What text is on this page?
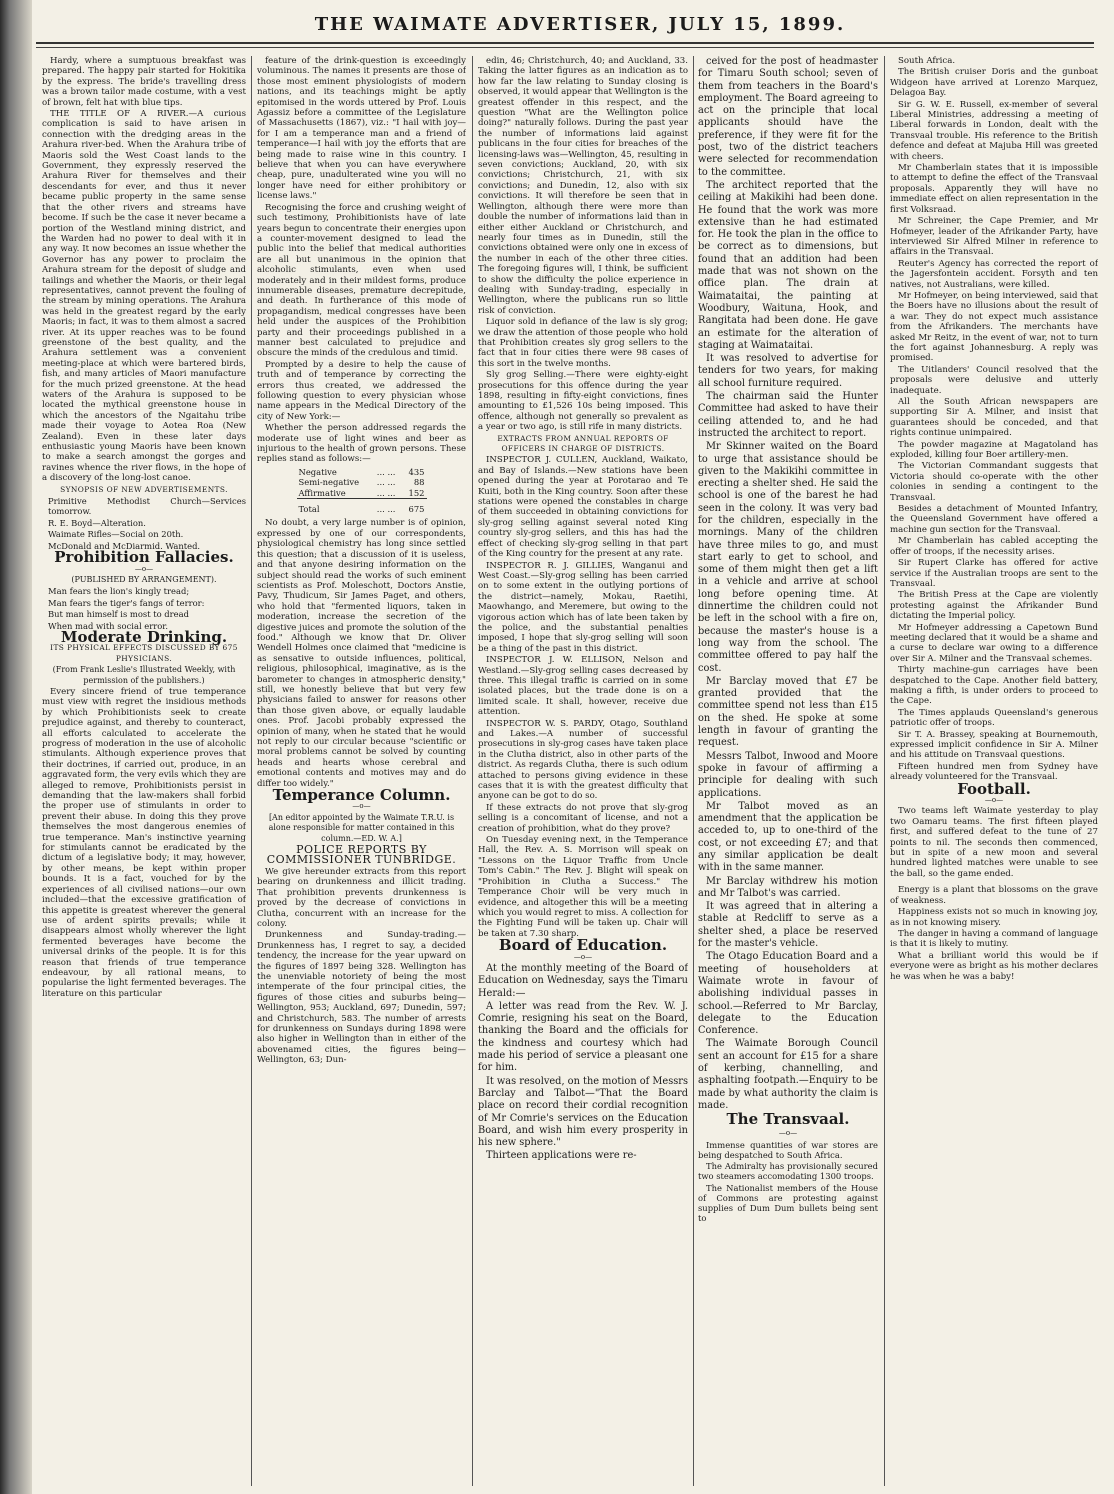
THE WAIMATE ADVERTISER, JULY 15, 1899.

Hardy, where a sumptuous breakfast was prepared. The happy pair started for Hokitika by the express. The bride's travelling dress was a brown tailor made costume, with a vest of brown, felt hat with blue tips.

THE TITLE OF A RIVER.—A curious complication is said to have arisen in connection with the dredging areas in the Arahura river-bed. When the Arahura tribe of Maoris sold the West Coast lands to the Government, they expressly reserved the Arahura River for themselves and their descendants for ever, and thus it never became public property in the same sense that the other rivers and streams have become. If such be the case it never became a portion of the Westland mining district, and the Warden had no power to deal with it in any way. It now becomes an issue whether the Governor has any power to proclaim the Arahura stream for the deposit of sludge and tailings and whether the Maoris, or their legal representatives, cannot prevent the fouling of the stream by mining operations. The Arahura was held in the greatest regard by the early Maoris; in fact, it was to them almost a sacred river. At its upper reaches was to be found greenstone of the best quality, and the Arahura settlement was a convenient meeting-place at which were bartered birds, fish, and many articles of Maori manufacture for the much prized greenstone. At the head waters of the Arahura is supposed to be located the mythical greenstone house in which the ancestors of the Ngaitahu tribe made their voyage to Aotea Roa (New Zealand). Even in these later days enthusiastic young Maoris have been known to make a search amongst the gorges and ravines whence the river flows, in the hope of a discovery of the long-lost canoe.

SYNOPSIS OF NEW ADVERTISEMENTS.

Primitive Methodist Church—Services tomorrow.

R. E. Boyd—Alteration.

Waimate Rifles—Social on 20th.

McDonald and McDiarmid. Wanted.

Prohibition Fallacies.

—o—

(PUBLISHED BY ARRANGEMENT).

Man fears the lion's kingly tread;

Man fears the tiger's fangs of terror:

But man himself is most to dread

When mad with social error.

Moderate Drinking.

ITS PHYSICAL EFFECTS DISCUSSED BY 675 PHYSICIANS.

(From Frank Leslie's Illustrated Weekly, with permission of the publishers.)

Every sincere friend of true temperance must view with regret the insidious methods by which Prohibitionists seek to create prejudice against, and thereby to counteract, all efforts calculated to accelerate the progress of moderation in the use of alcoholic stimulants. Although experience proves that their doctrines, if carried out, produce, in an aggravated form, the very evils which they are alleged to remove, Prohibitionists persist in demanding that the law-makers shall forbid the proper use of stimulants in order to prevent their abuse. In doing this they prove themselves the most dangerous enemies of true temperance. Man's instinctive yearning for stimulants cannot be eradicated by the dictum of a legislative body; it may, however, by other means, be kept within proper bounds. It is a fact, vouched for by the experiences of all civilised nations—our own included—that the excessive gratification of this appetite is greatest wherever the general use of ardent spirits prevails; while it disappears almost wholly wherever the light fermented beverages have become the universal drinks of the people. It is for this reason that friends of true temperance endeavour, by all rational means, to popularise the light fermented beverages. The literature on this particular

feature of the drink-question is exceedingly voluminous. The names it presents are those of those most eminent physiologists of modern nations, and its teachings might be aptly epitomised in the words uttered by Prof. Louis Agassiz before a committee of the Legislature of Massachusetts (1867), viz.: "I hail with joy—for I am a temperance man and a friend of temperance—I hail with joy the efforts that are being made to raise wine in this country. I believe that when you can have everywhere cheap, pure, unadulterated wine you will no longer have need for either prohibitory or license laws."

Recognising the force and crushing weight of such testimony, Prohibitionists have of late years begun to concentrate their energies upon a counter-movement designed to lead the public into the belief that medical authorities are all but unanimous in the opinion that alcoholic stimulants, even when used moderately and in their mildest forms, produce innumerable diseases, premature decrepitude, and death. In furtherance of this mode of propagandism, medical congresses have been held under the auspices of the Prohibition party and their proceedings published in a manner best calculated to prejudice and obscure the minds of the credulous and timid.

Prompted by a desire to help the cause of truth and of temperance by correcting the errors thus created, we addressed the following question to every physician whose name appears in the Medical Directory of the city of New York:—

Whether the person addressed regards the moderate use of light wines and beer as injurious to the health of grown persons. These replies stand as follows:—

Negative	... ...	435
Semi-negative	... ...	88
Affirmative	... ...	152
Total	... ...	675

No doubt, a very large number is of opinion, expressed by one of our correspondents, physiological chemistry has long since settled this question; that a discussion of it is useless, and that anyone desiring information on the subject should read the works of such eminent scientists as Prof. Moleschott, Doctors Anstie, Pavy, Thudicum, Sir James Paget, and others, who hold that "fermented liquors, taken in moderation, increase the secretion of the digestive juices and promote the solution of the food." Although we know that Dr. Oliver Wendell Holmes once claimed that "medicine is as sensative to outside influences, political, religious, philosophical, imaginative, as is the barometer to changes in atmospheric density," still, we honestly believe that but very few physicians failed to answer for reasons other than those given above, or equally laudable ones. Prof. Jacobi probably expressed the opinion of many, when he stated that he would not reply to our circular because "scientific or moral problems cannot be solved by counting heads and hearts whose cerebral and emotional contents and motives may and do differ too widely."

Temperance Column.

—o—

[An editor appointed by the Waimate T.R.U. is alone responsible for matter contained in this column.—ED. W. A.]

POLICE REPORTS BY COMMISSIONER TUNBRIDGE.

We give hereunder extracts from this report bearing on drunkenness and illicit trading. That prohibition prevents drunkenness is proved by the decrease of convictions in Clutha, concurrent with an increase for the colony.

Drunkenness and Sunday-trading.—Drunkenness has, I regret to say, a decided tendency, the increase for the year upward on the figures of 1897 being 328. Wellington has the unenviable notoriety of being the most intemperate of the four principal cities, the figures of those cities and suburbs being—Wellington, 953; Auckland, 697; Dunedin, 597; and Christchurch, 583. The number of arrests for drunkenness on Sundays during 1898 were also higher in Wellington than in either of the abovenamed cities, the figures being—Wellington, 63; Dun-

edin, 46; Christchurch, 40; and Auckland, 33. Taking the latter figures as an indication as to how far the law relating to Sunday closing is observed, it would appear that Wellington is the greatest offender in this respect, and the question "What are the Wellington police doing?" naturally follows. During the past year the number of informations laid against publicans in the four cities for breaches of the licensing-laws was—Wellington, 45, resulting in seven convictions; Auckland, 20, with six convictions; Christchurch, 21, with six convictions; and Dunedin, 12, also with six convictions. It will therefore be seen that in Wellington, although there were more than double the number of informations laid than in either either Auckland or Christchurch, and nearly four times as in Dunedin, still the convictions obtained were only one in excess of the number in each of the other three cities. The foregoing figures will, I think, be sufficient to show the difficulty the police experience in dealing with Sunday-trading, especially in Wellington, where the publicans run so little risk of conviction.

Liquor sold in defiance of the law is sly grog; we draw the attention of those people who hold that Prohibition creates sly grog sellers to the fact that in four cities there were 98 cases of this sort in the twelve months.

Sly grog Selling.—There were eighty-eight prosecutions for this offence during the year 1898, resulting in fifty-eight convictions, fines amounting to £1,526 10s being imposed. This offence, although not generally so prevalent as a year or two ago, is still rife in many districts.

EXTRACTS FROM ANNUAL REPORTS OF OFFICERS IN CHARGE OF DISTRICTS.

INSPECTOR J. CULLEN, Auckland, Waikato, and Bay of Islands.—New stations have been opened during the year at Porotarao and Te Kuiti, both in the King country. Soon after these stations were opened the constables in charge of them succeeded in obtaining convictions for sly-grog selling against several noted King country sly-grog sellers, and this has had the effect of checking sly-grog selling in that part of the King country for the present at any rate.

INSPECTOR R. J. GILLIES, Wanganui and West Coast.—Sly-grog selling has been carried on to some extent in the outlying portions of the district—namely, Mokau, Raetihi, Maowhango, and Meremere, but owing to the vigorous action which has of late been taken by the police, and the substantial penalties imposed, I hope that sly-grog selling will soon be a thing of the past in this district.

INSPECTOR J. W. ELLISON, Nelson and Westland.—Sly-grog selling cases decreased by three. This illegal traffic is carried on in some isolated places, but the trade done is on a limited scale. It shall, however, receive due attention.

INSPECTOR W. S. PARDY, Otago, Southland and Lakes.—A number of successful prosecutions in sly-grog cases have taken place in the Clutha district, also in other parts of the district. As regards Clutha, there is such odium attached to persons giving evidence in these cases that it is with the greatest difficulty that anyone can be got to do so.

If these extracts do not prove that sly-grog selling is a concomitant of license, and not a creation of prohibition, what do they prove?

On Tuesday evening next, in the Temperance Hall, the Rev. A. S. Morrison will speak on "Lessons on the Liquor Traffic from Uncle Tom's Cabin." The Rev. J. Blight will speak on "Prohibition in Clutha a Success." The Temperance Choir will be very much in evidence, and altogether this will be a meeting which you would regret to miss. A collection for the Fighting Fund will be taken up. Chair will be taken at 7.30 sharp.

Board of Education.

—o—

At the monthly meeting of the Board of Education on Wednesday, says the Timaru Herald:—

A letter was read from the Rev. W. J. Comrie, resigning his seat on the Board, thanking the Board and the officials for the kindness and courtesy which had made his period of service a pleasant one for him.

It was resolved, on the motion of Messrs Barclay and Talbot—"That the Board place on record their cordial recognition of Mr Comrie's services on the Education Board, and wish him every prosperity in his new sphere."

Thirteen applications were re-

ceived for the post of headmaster for Timaru South school; seven of them from teachers in the Board's employment. The Board agreeing to act on the principle that local applicants should have the preference, if they were fit for the post, two of the district teachers were selected for recommendation to the committee.

The architect reported that the ceiling at Makikihi had been done. He found that the work was more extensive than he had estimated for. He took the plan in the office to be correct as to dimensions, but found that an addition had been made that was not shown on the office plan. The drain at Waimataitai, the painting at Woodbury, Waituna, Hook, and Rangitata had been done. He gave an estimate for the alteration of staging at Waimataitai.

It was resolved to advertise for tenders for two years, for making all school furniture required.

The chairman said the Hunter Committee had asked to have their ceiling attended to, and he had instructed the architect to report.

Mr Skinner waited on the Board to urge that assistance should be given to the Makikihi committee in erecting a shelter shed. He said the school is one of the barest he had seen in the colony. It was very bad for the children, especially in the mornings. Many of the children have three miles to go, and must start early to get to school, and some of them might then get a lift in a vehicle and arrive at school long before opening time. At dinnertime the children could not be left in the school with a fire on, because the master's house is a long way from the school. The committee offered to pay half the cost.

Mr Barclay moved that £7 be granted provided that the committee spend not less than £15 on the shed. He spoke at some length in favour of granting the request.

Messrs Talbot, Inwood and Moore spoke in favour of affirming a principle for dealing with such applications.

Mr Talbot moved as an amendment that the application be acceded to, up to one-third of the cost, or not exceeding £7; and that any similar application be dealt with in the same manner.

Mr Barclay withdrew his motion and Mr Talbot's was carried.

It was agreed that in altering a stable at Redcliff to serve as a shelter shed, a place be reserved for the master's vehicle.

The Otago Education Board and a meeting of householders at Waimate wrote in favour of abolishing individual passes in school.—Referred to Mr Barclay, delegate to the Education Conference.

The Waimate Borough Council sent an account for £15 for a share of kerbing, channelling, and asphalting footpath.—Enquiry to be made by what authority the claim is made.

The Transvaal.

—o—

Immense quantities of war stores are being despatched to South Africa.

The Admiralty has provisionally secured two steamers accomodating 1300 troops.

The Nationalist members of the House of Commons are protesting against supplies of Dum Dum bullets being sent to

South Africa.

The British cruiser Doris and the gunboat Widgeon have arrived at Lorenzo Marquez, Delagoa Bay.

Sir G. W. E. Russell, ex-member of several Liberal Ministries, addressing a meeting of Liberal forwards in London, dealt with the Transvaal trouble. His reference to the British defence and defeat at Majuba Hill was greeted with cheers.

Mr Chamberlain states that it is impossible to attempt to define the effect of the Transvaal proposals. Apparently they will have no immediate effect on alien representation in the first Volksraad.

Mr Schreiner, the Cape Premier, and Mr Hofmeyer, leader of the Afrikander Party, have interviewed Sir Alfred Milner in reference to affairs in the Transvaal.

Reuter's Agency has corrected the report of the Jagersfontein accident. Forsyth and ten natives, not Australians, were killed.

Mr Hofmeyer, on being interviewed, said that the Boers have no illusions about the result of a war. They do not expect much assistance from the Afrikanders. The merchants have asked Mr Reitz, in the event of war, not to turn the fort against Johannesburg. A reply was promised.

The Uitlanders' Council resolved that the proposals were delusive and utterly inadequate.

All the South African newspapers are supporting Sir A. Milner, and insist that guarantees should be conceded, and that rights continue unimpaired.

The powder magazine at Magatoland has exploded, killing four Boer artillery-men.

The Victorian Commandant suggests that Victoria should co-operate with the other colonies in sending a contingent to the Transvaal.

Besides a detachment of Mounted Infantry, the Queensland Government have offered a machine gun section for the Transvaal.

Mr Chamberlain has cabled accepting the offer of troops, if the necessity arises.

Sir Rupert Clarke has offered for active service if the Australian troops are sent to the Transvaal.

The British Press at the Cape are violently protesting against the Afrikander Bund dictating the Imperial policy.

Mr Hofmeyer addressing a Capetown Bund meeting declared that it would be a shame and a curse to declare war owing to a difference over Sir A. Milner and the Transvaal schemes.

Thirty machine-gun carriages have been despatched to the Cape. Another field battery, making a fifth, is under orders to proceed to the Cape.

The Times applauds Queensland's generous patriotic offer of troops.

Sir T. A. Brassey, speaking at Bournemouth, expressed implicit confidence in Sir A. Milner and his attitude on Transvaal questions.

Fifteen hundred men from Sydney have already volunteered for the Transvaal.

Football.

—o—

Two teams left Waimate yesterday to play two Oamaru teams. The first fifteen played first, and suffered defeat to the tune of 27 points to nil. The seconds then commenced, but in spite of a new moon and several hundred lighted matches were unable to see the ball, so the game ended.

Energy is a plant that blossoms on the grave of weakness.

Happiness exists not so much in knowing joy, as in not knowing misery.

The danger in having a command of language is that it is likely to mutiny.

What a brilliant world this would be if everyone were as bright as his mother declares he was when he was a baby!
